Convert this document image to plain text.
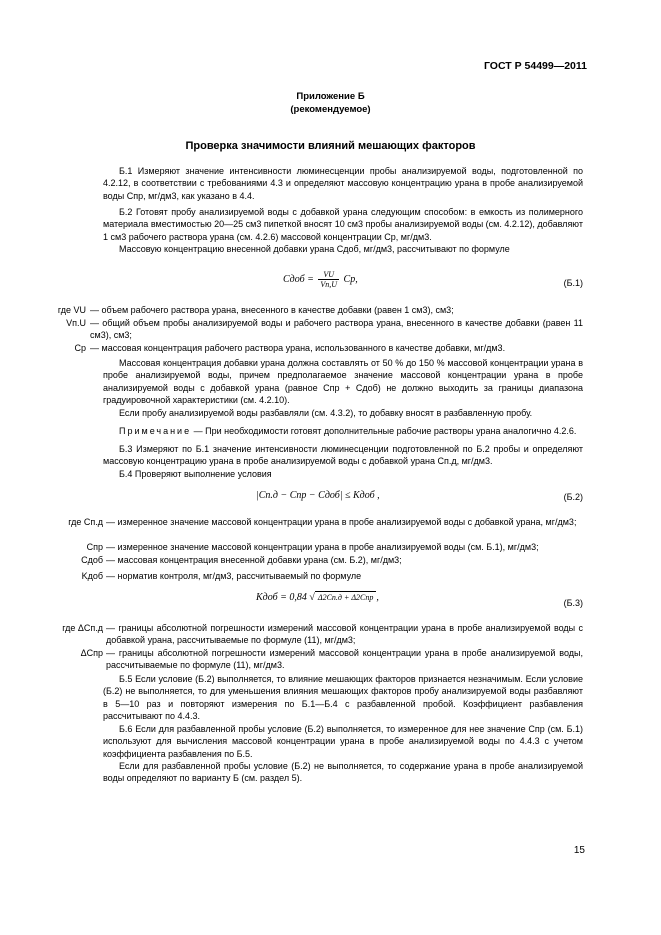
ГОСТ Р 54499—2011
Приложение Б
(рекомендуемое)
Проверка значимости влияний мешающих факторов
Б.1 Измеряют значение интенсивности люминесценции пробы анализируемой воды, подготовленной по 4.2.12, в соответствии с требованиями 4.3 и определяют массовую концентрацию урана в пробе анализируемой воды Cпр, мг/дм3, как указано в 4.4.
Б.2 Готовят пробу анализируемой воды с добавкой урана следующим способом: в емкость из полимерного материала вместимостью 20—25 см3 пипеткой вносят 10 см3 пробы анализируемой воды (см. 4.2.12), добавляют 1 см3 рабочего раствора урана (см. 4.2.6) массовой концентрации Cр, мг/дм3.
Массовую концентрацию внесенной добавки урана Cдоб, мг/дм3, рассчитывают по формуле
Cдоб =	VU
Vп,U Cр,	(Б.1)
где VU — объем рабочего раствора урана, внесенного в качестве добавки (равен 1 см3), см3;
Vп.U — общий объем пробы анализируемой воды и рабочего раствора урана, внесенного в качестве добавки (равен 11 см3), см3;
Cр — массовая концентрация рабочего раствора урана, использованного в качестве добавки, мг/дм3.
Массовая концентрация добавки урана должна составлять от 50 % до 150 % массовой концентрации урана в пробе анализируемой воды, причем предполагаемое значение массовой концентрации урана в пробе анализируемой воды с добавкой урана (равное Cпр + Cдоб) не должно выходить за границы диапазона градуировочной характеристики (см. 4.2.10).
Если пробу анализируемой воды разбавляли (см. 4.3.2), то добавку вносят в разбавленную пробу.
Примечание — При необходимости готовят дополнительные рабочие растворы урана аналогично 4.2.6.
Б.3 Измеряют по Б.1 значение интенсивности люминесценции подготовленной по Б.2 пробы и определяют массовую концентрацию урана в пробе анализируемой воды с добавкой урана Cп.д, мг/дм3.
Б.4 Проверяют выполнение условия
|Cп.д − Cпр − Cдоб| ≤ Kдоб ,	(Б.2)
где Cп.д — измеренное значение массовой концентрации урана в пробе анализируемой воды с добавкой урана, мг/дм3;
Cпр — измеренное значение массовой концентрации урана в пробе анализируемой воды (см. Б.1), мг/дм3;
Cдоб — массовая концентрация внесенной добавки урана (см. Б.2), мг/дм3;
Kдоб — норматив контроля, мг/дм3, рассчитываемый по формуле
Kдоб = 0,84 √ Δ2Cп.д + Δ2Cпр ,	(Б.3)
где ΔCп.д — границы абсолютной погрешности измерений массовой концентрации урана в пробе анализируемой воды с добавкой урана, рассчитываемые по формуле (11), мг/дм3;
ΔCпр — границы абсолютной погрешности измерений массовой концентрации урана в пробе анализируемой воды, рассчитываемые по формуле (11), мг/дм3.
Б.5 Если условие (Б.2) выполняется, то влияние мешающих факторов признается незначимым. Если условие (Б.2) не выполняется, то для уменьшения влияния мешающих факторов пробу анализируемой воды разбавляют в 5—10 раз и повторяют измерения по Б.1—Б.4 с разбавленной пробой. Коэффициент разбавления рассчитывают по 4.4.3.
Б.6 Если для разбавленной пробы условие (Б.2) выполняется, то измеренное для нее значение Cпр (см. Б.1) используют для вычисления массовой концентрации урана в пробе анализируемой воды по 4.4.3 с учетом коэффициента разбавления по Б.5.
Если для разбавленной пробы условие (Б.2) не выполняется, то содержание урана в пробе анализируемой воды определяют по варианту Б (см. раздел 5).
15
